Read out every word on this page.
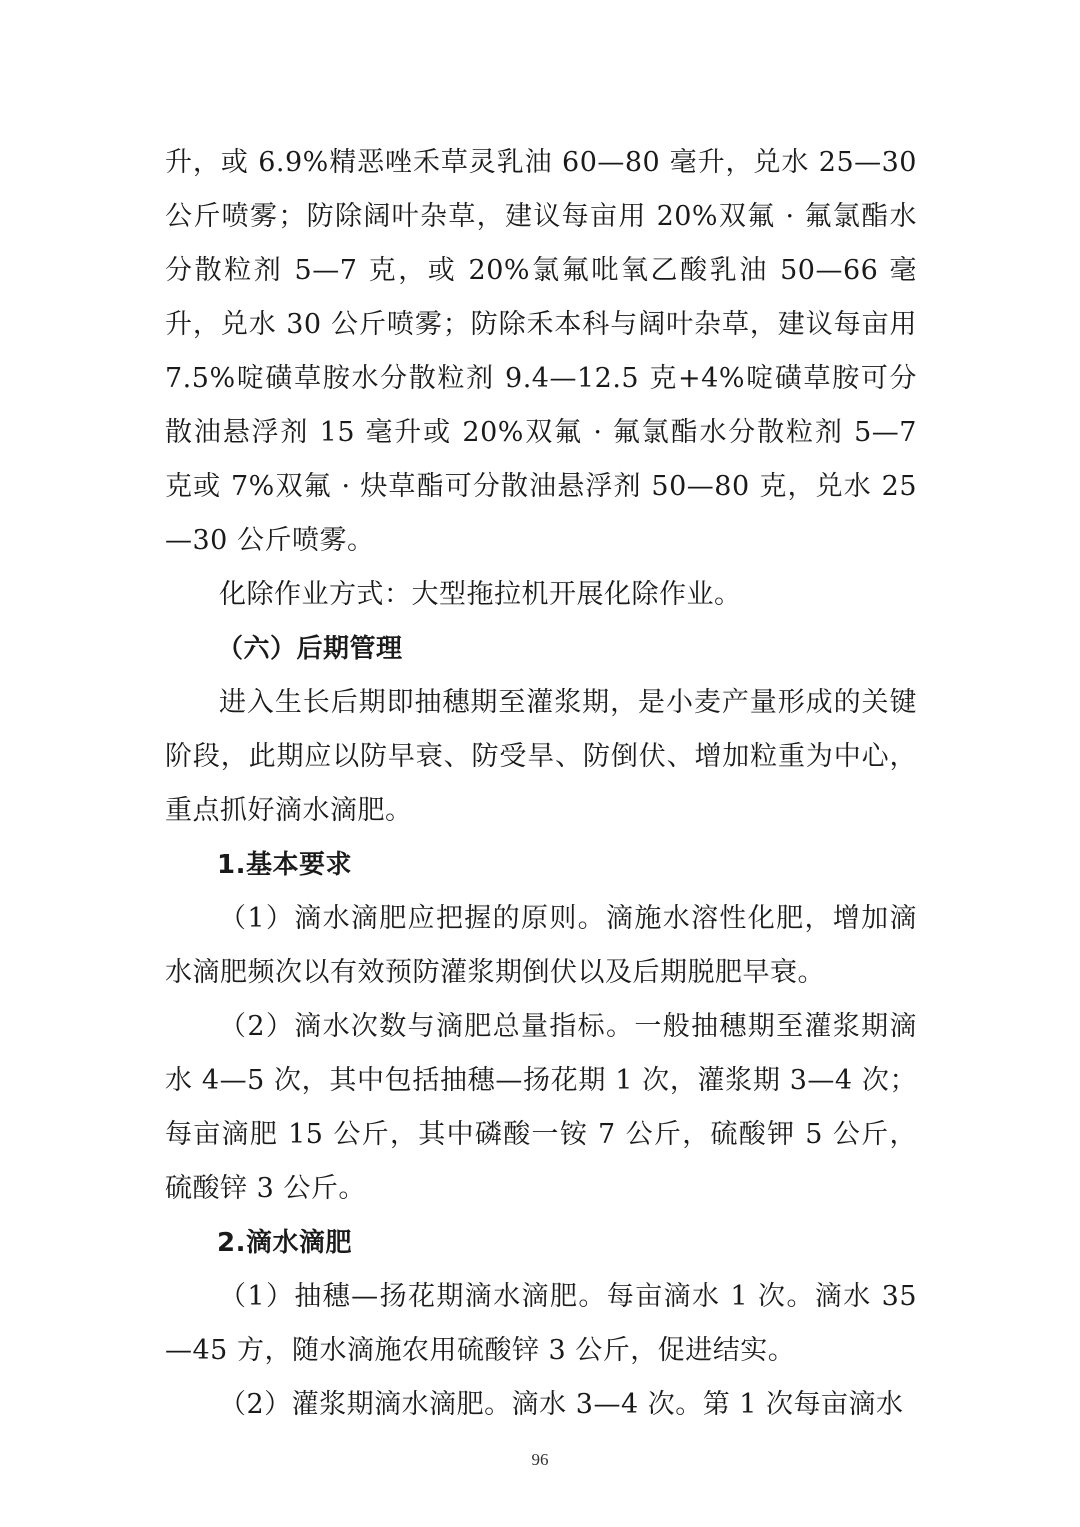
升，或 6.9%精恶唑禾草灵乳油 60—80 毫升，兑水 25—30 公斤喷雾；防除阔叶杂草，建议每亩用 20%双氟 · 氟氯酯水分散粒剂 5—7 克，或 20%氯氟吡氧乙酸乳油 50—66 毫升，兑水 30 公斤喷雾；防除禾本科与阔叶杂草，建议每亩用 7.5%啶磺草胺水分散粒剂 9.4—12.5 克+4%啶磺草胺可分散油悬浮剂 15 毫升或 20%双氟 · 氟氯酯水分散粒剂 5—7 克或 7%双氟 · 炔草酯可分散油悬浮剂 50—80 克，兑水 25—30 公斤喷雾。

化除作业方式：大型拖拉机开展化除作业。

（六）后期管理

进入生长后期即抽穗期至灌浆期，是小麦产量形成的关键阶段，此期应以防早衰、防受旱、防倒伏、增加粒重为中心，重点抓好滴水滴肥。

1.基本要求

（1）滴水滴肥应把握的原则。滴施水溶性化肥，增加滴水滴肥频次以有效预防灌浆期倒伏以及后期脱肥早衰。

（2）滴水次数与滴肥总量指标。一般抽穗期至灌浆期滴水 4—5 次，其中包括抽穗—扬花期 1 次，灌浆期 3—4 次；每亩滴肥 15 公斤，其中磷酸一铵 7 公斤，硫酸钾 5 公斤，硫酸锌 3 公斤。

2.滴水滴肥

（1）抽穗—扬花期滴水滴肥。每亩滴水 1 次。滴水 35—45 方，随水滴施农用硫酸锌 3 公斤，促进结实。

（2）灌浆期滴水滴肥。滴水 3—4 次。第 1 次每亩滴水

96
